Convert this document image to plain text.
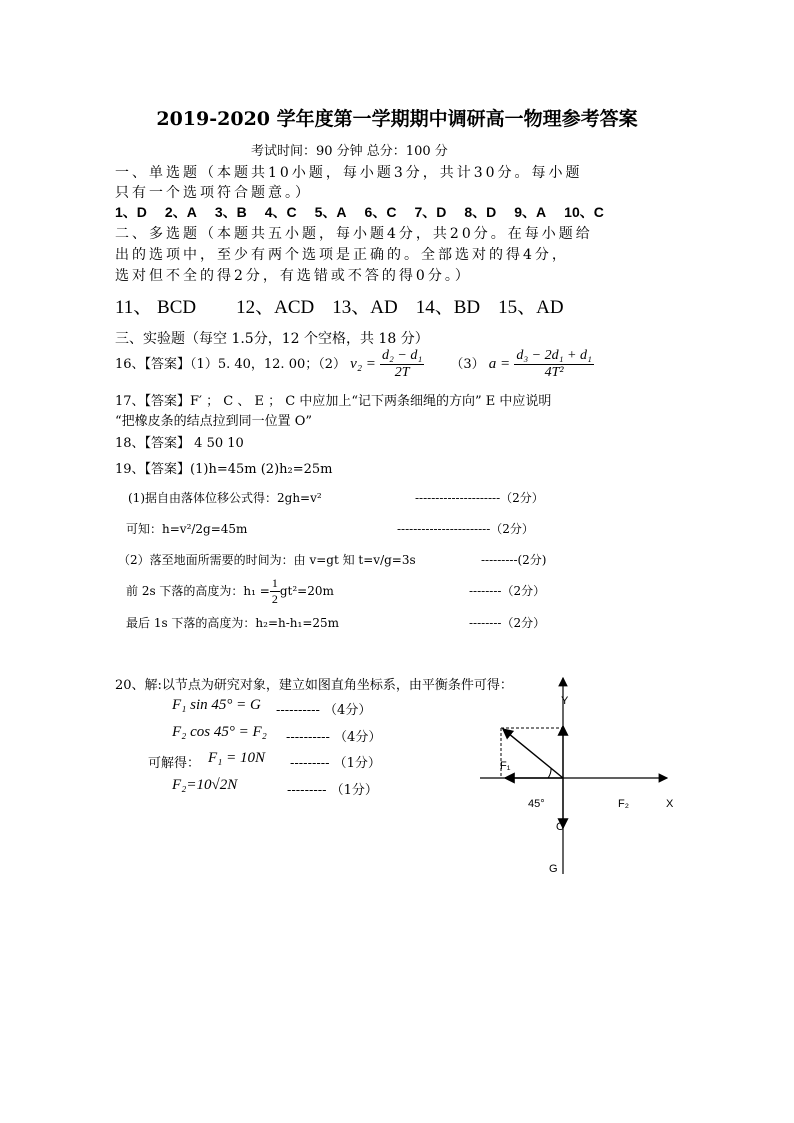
2019-2020 学年度第一学期期中调研高一物理参考答案
考试时间：90 分钟 总分：100 分
一、单选题（本题共10小题，每小题3分，共计30分。每小题
只有一个选项符合题意。）
1、D 2、A 3、B 4、C 5、A 6、C 7、D 8、D 9、A 10、C
二、多选题（本题共五小题，每小题4分，共20分。在每小题给
出的选项中，至少有两个选项是正确的。全部选对的得4分，
选对但不全的得2分，有选错或不答的得0分。）
11、 BCD 12、ACD 13、AD 14、BD 15、AD
三、实验题（每空 1.5分，12 个空格，共 18 分）
16、【答案】（1）5. 40，12. 00；（2） $v_2 = \frac{\text{d₂ − d₁}}{2T} (3) a = \frac{\text{d₃ − 2d₁ + d₁}}{\text{4T²}}$
17、【答案】F′ ； C 、 E ； C 中应加上“记下两条细绳的方向” E 中应说明
“把橡皮条的结点拉到同一位置 O”
18、【答案】 4 50 10
19、【答案】(1)h=45m (2)h₂=25m
(1)据自由落体位移公式得：2gh=v²	---------------------（2分）
可知：h=v²/2g=45m	-----------------------（2分）
（2）落至地面所需要的时间为：由 v=gt 知 t=v/g=3s	---------(2分)
前 2s 下落的高度为：$h_1 = \frac{1}{2} gt^2=20m$	--------（2分）
最后 1s 下落的高度为：h₂=h-h₁=25m	--------（2分）
20、解:以节点为研究对象，建立如图直角坐标系，由平衡条件可得：
F₁ sin 45° = G ---------- （4分）
F₂ cos 45° = F₂ ---------- （4分）
可解得： F₁ = 10N --------- （1分）
F₂=10√2N	--------- （1分）
Y
X
F₁
F₂
45°
O
G
